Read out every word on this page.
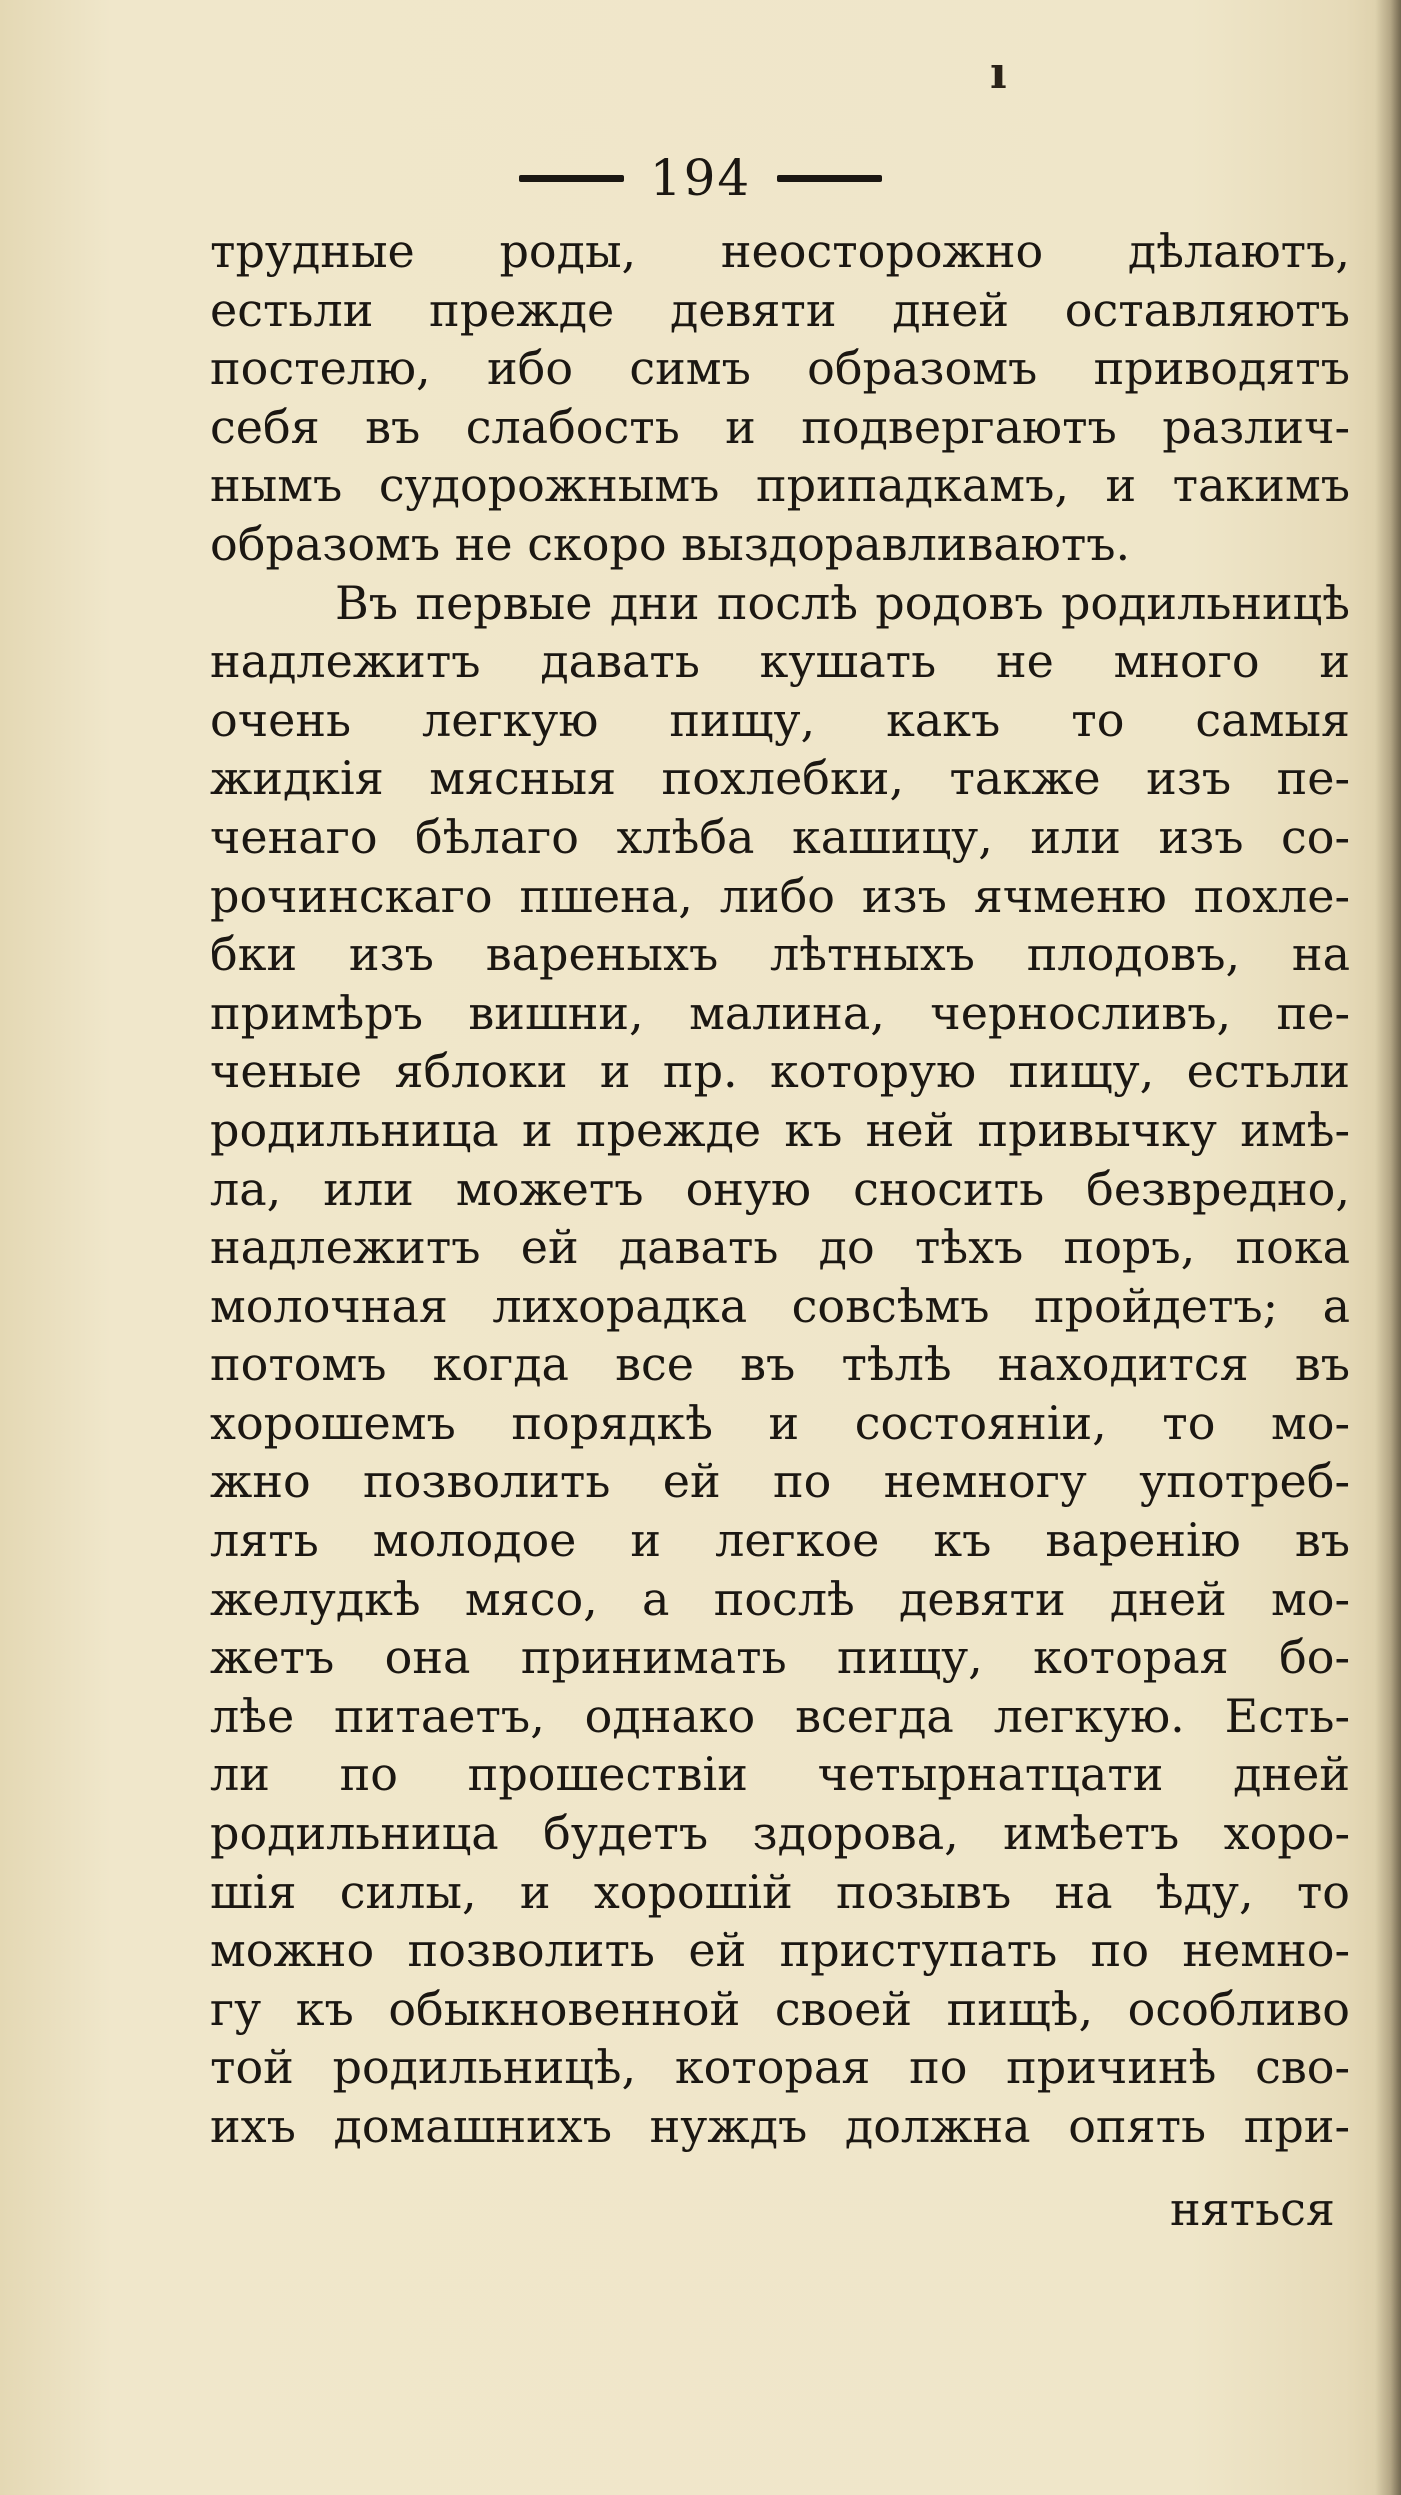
ı
194
трудные роды, неосторожно дѣлаютъ,
естьли прежде девяти дней оставляютъ
постелю, ибо симъ образомъ приводятъ
себя въ слабость и подвергаютъ различ-
нымъ судорожнымъ припадкамъ, и такимъ
образомъ не скоро выздоравливаютъ.
Въ первые дни послѣ родовъ родильницѣ
надлежитъ давать кушать не много и
очень легкую пищу, какъ то самыя
жидкія мясныя похлебки, также изъ пе-
ченаго бѣлаго хлѣба кашицу, или изъ со-
рочинскаго пшена, либо изъ ячменю похле-
бки изъ вареныхъ лѣтныхъ плодовъ, на
примѣръ вишни, малина, черносливъ, пе-
ченые яблоки и пр. которую пищу, естьли
родильница и прежде къ ней привычку имѣ-
ла, или можетъ оную сносить безвредно,
надлежитъ ей давать до тѣхъ поръ, пока
молочная лихорадка совсѣмъ пройдетъ; а
потомъ когда все въ тѣлѣ находится въ
хорошемъ порядкѣ и состояніи, то мо-
жно позволить ей по немногу употреб-
лять молодое и легкое къ варенію въ
желудкѣ мясо, а послѣ девяти дней мо-
жетъ она принимать пищу, которая бо-
лѣе питаетъ, однако всегда легкую. Есть-
ли по прошествіи четырнатцати дней
родильница будетъ здорова, имѣетъ хоро-
шія силы, и хорошій позывъ на ѣду, то
можно позволить ей приступать по немно-
гу къ обыкновенной своей пищѣ, особливо
той родильницѣ, которая по причинѣ сво-
ихъ домашнихъ нуждъ должна опять при-
няться
